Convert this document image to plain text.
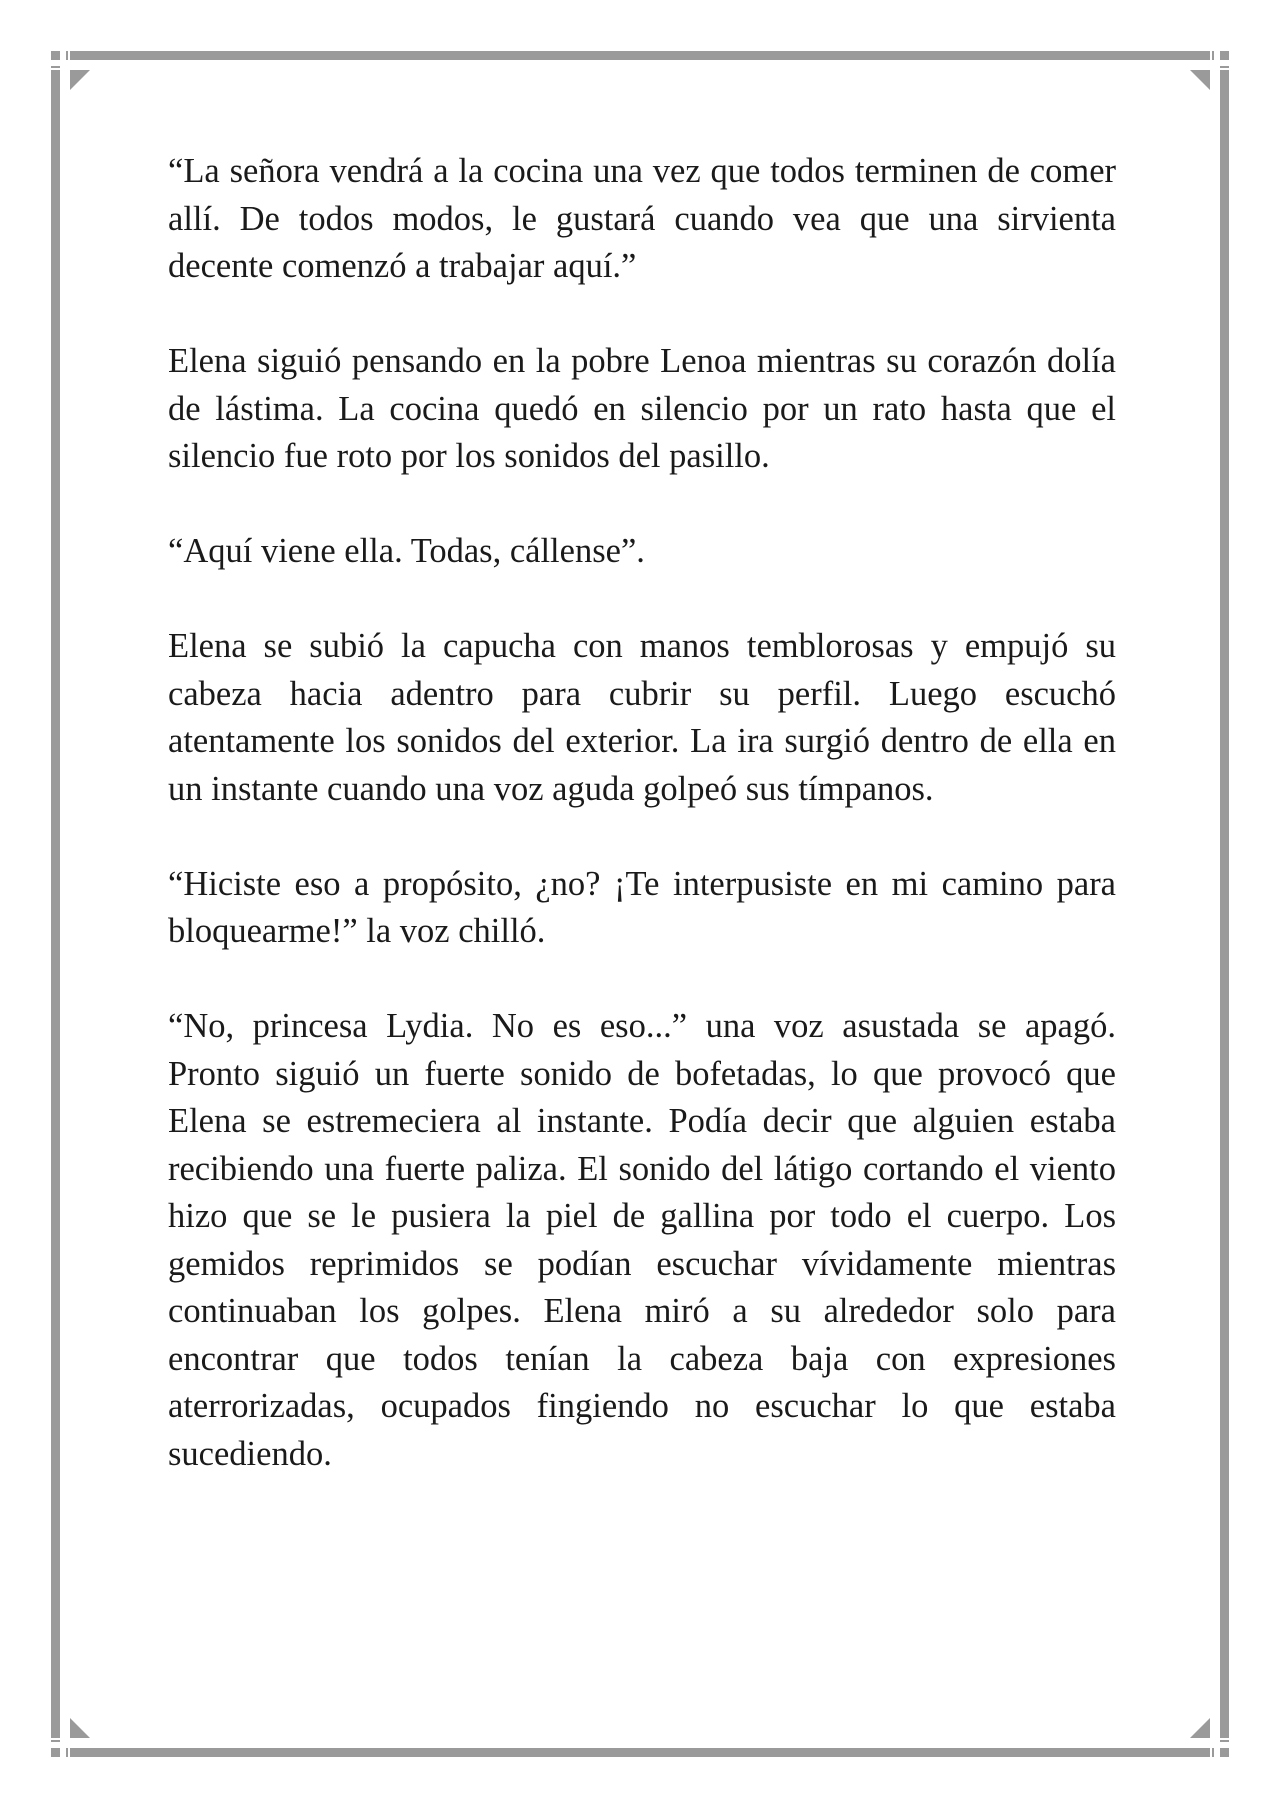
“La señora vendrá a la cocina una vez que todos terminen de comer allí. De todos modos, le gustará cuando vea que una sirvienta decente comenzó a trabajar aquí.”

Elena siguió pensando en la pobre Lenoa mientras su corazón dolía de lástima. La cocina quedó en silencio por un rato hasta que el silencio fue roto por los sonidos del pasillo.

“Aquí viene ella. Todas, cállense”.

Elena se subió la capucha con manos temblorosas y empujó su cabeza hacia adentro para cubrir su perfil. Luego escuchó atentamente los sonidos del exterior. La ira surgió dentro de ella en un instante cuando una voz aguda golpeó sus tímpanos.

“Hiciste eso a propósito, ¿no? ¡Te interpusiste en mi camino para bloquearme!” la voz chilló.

“No, princesa Lydia. No es eso...” una voz asustada se apagó. Pronto siguió un fuerte sonido de bofetadas, lo que provocó que Elena se estremeciera al instante. Podía decir que alguien estaba recibiendo una fuerte paliza. El sonido del látigo cortando el viento hizo que se le pusiera la piel de gallina por todo el cuerpo. Los gemidos reprimidos se podían escuchar vívidamente mientras continuaban los golpes. Elena miró a su alrededor solo para encontrar que todos tenían la cabeza baja con expresiones aterrorizadas, ocupados fingiendo no escuchar lo que estaba sucediendo.
